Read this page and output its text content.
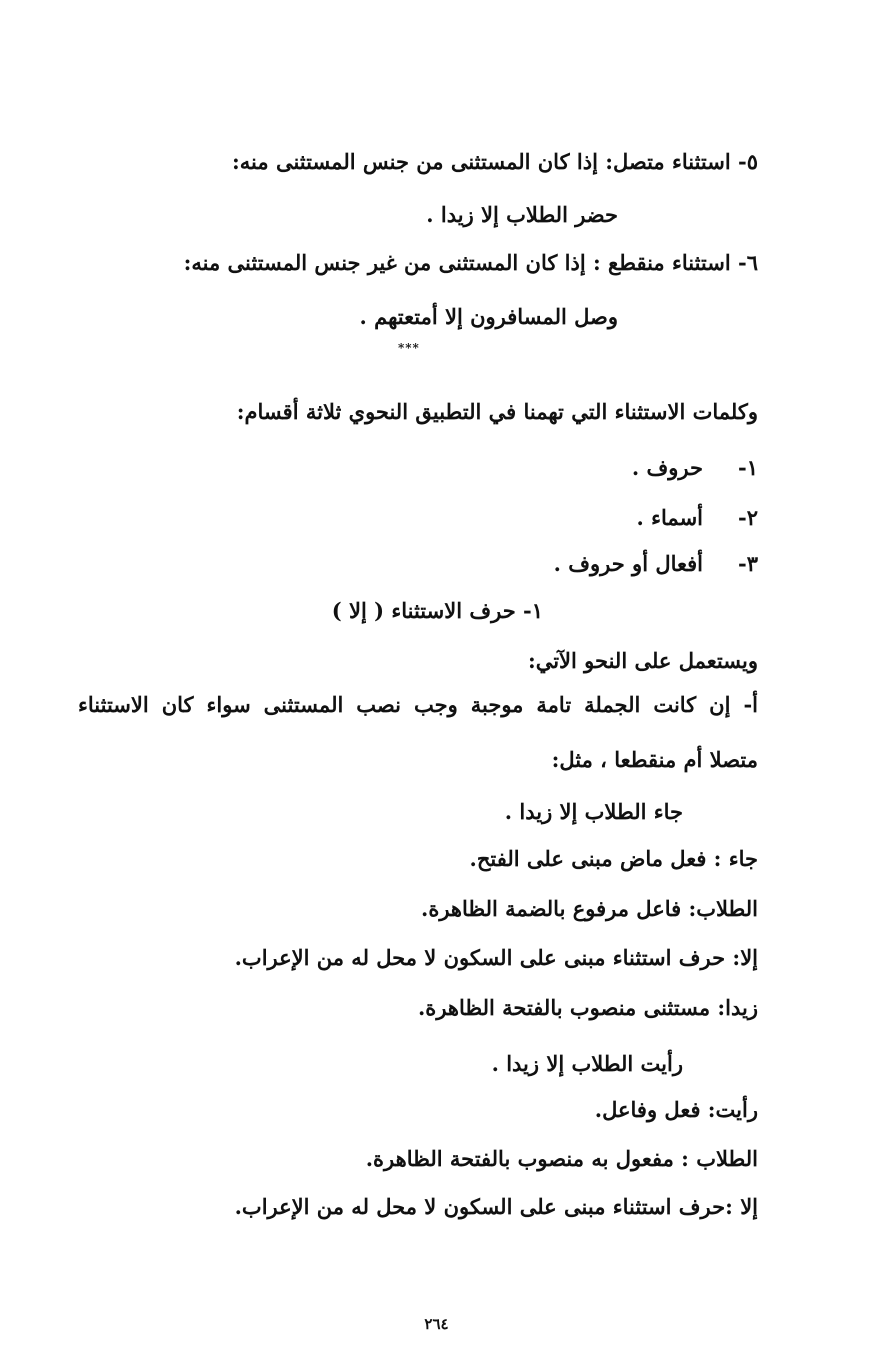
٥- استثناء متصل: إذا كان المستثنى من جنس المستثنى منه:
حضر الطلاب إلا زيدا .
٦- استثناء منقطع : إذا كان المستثنى من غير جنس المستثنى منه:
وصل المسافرون إلا أمتعتهم .
***
وكلمات الاستثناء التي تهمنا في التطبيق النحوي ثلاثة أقسام:
١-حروف .
٢-أسماء .
٣-أفعال أو حروف .
١- حرف الاستثناء ( إلا )
ويستعمل على النحو الآتي:
أ- إن كانت الجملة تامة موجبة وجب نصب المستثنى سواء كان الاستثناء
متصلا أم منقطعا ، مثل:
جاء الطلاب إلا زيدا .
جاء : فعل ماض مبنى على الفتح.
الطلاب: فاعل مرفوع بالضمة الظاهرة.
إلا: حرف استثناء مبنى على السكون لا محل له من الإعراب.
زيدا: مستثنى منصوب بالفتحة الظاهرة.
رأيت الطلاب إلا زيدا .
رأيت: فعل وفاعل.
الطلاب : مفعول به منصوب بالفتحة الظاهرة.
إلا :حرف استثناء مبنى على السكون لا محل له من الإعراب.
٢٦٤
